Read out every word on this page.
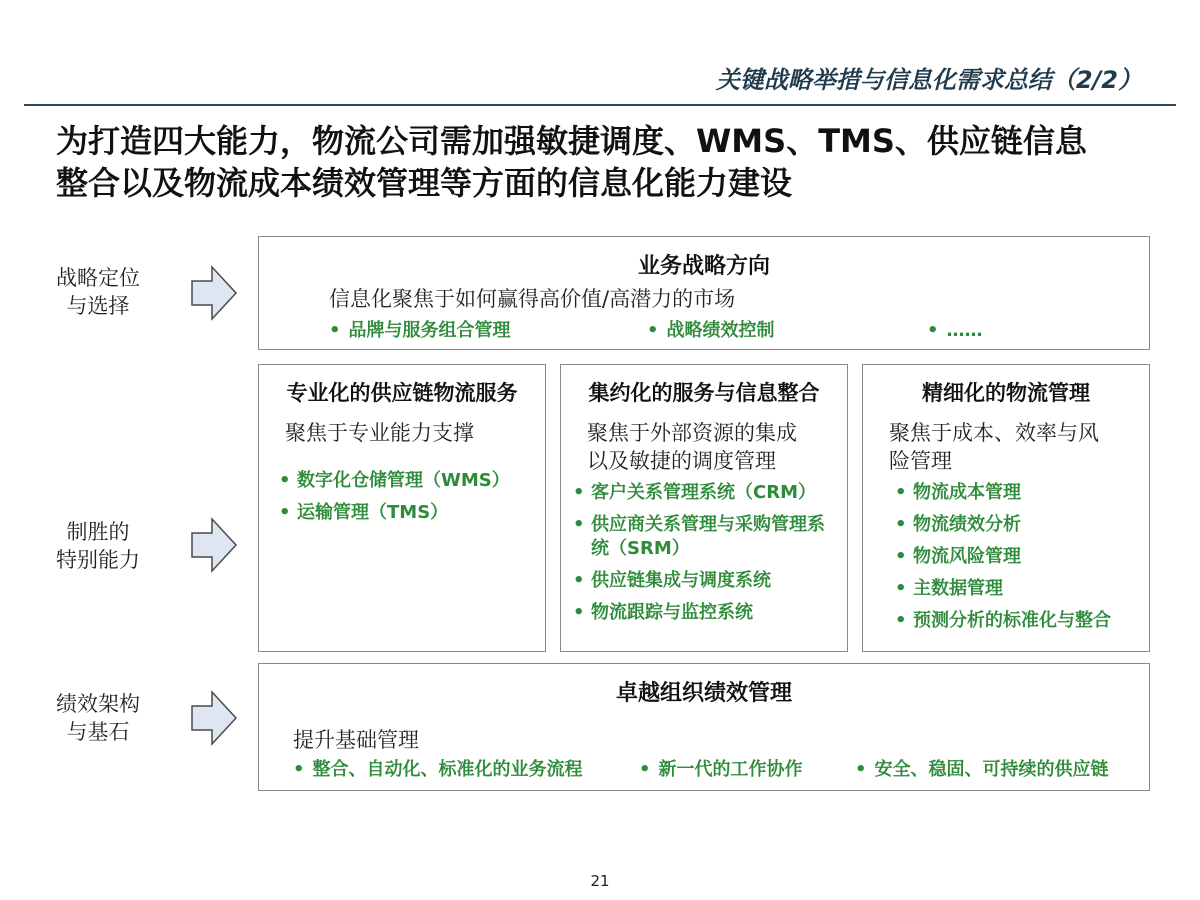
关键战略举措与信息化需求总结（2/2）
为打造四大能力，物流公司需加强敏捷调度、WMS、TMS、供应链信息
整合以及物流成本绩效管理等方面的信息化能力建设
战略定位
与选择
制胜的
特别能力
绩效架构
与基石
业务战略方向
信息化聚焦于如何赢得高价值/高潜力的市场
• 品牌与服务组合管理	• 战略绩效控制	• ……
专业化的供应链物流服务
聚焦于专业能力支撑
• 数字化仓储管理（WMS）
• 运输管理（TMS）
集约化的服务与信息整合
聚焦于外部资源的集成
以及敏捷的调度管理
• 客户关系管理系统（CRM）
• 供应商关系管理与采购管理系统（SRM）
• 供应链集成与调度系统
• 物流跟踪与监控系统
精细化的物流管理
聚焦于成本、效率与风
险管理
• 物流成本管理
• 物流绩效分析
• 物流风险管理
• 主数据管理
• 预测分析的标准化与整合
卓越组织绩效管理
提升基础管理
• 整合、自动化、标准化的业务流程	• 新一代的工作协作	• 安全、稳固、可持续的供应链
21
